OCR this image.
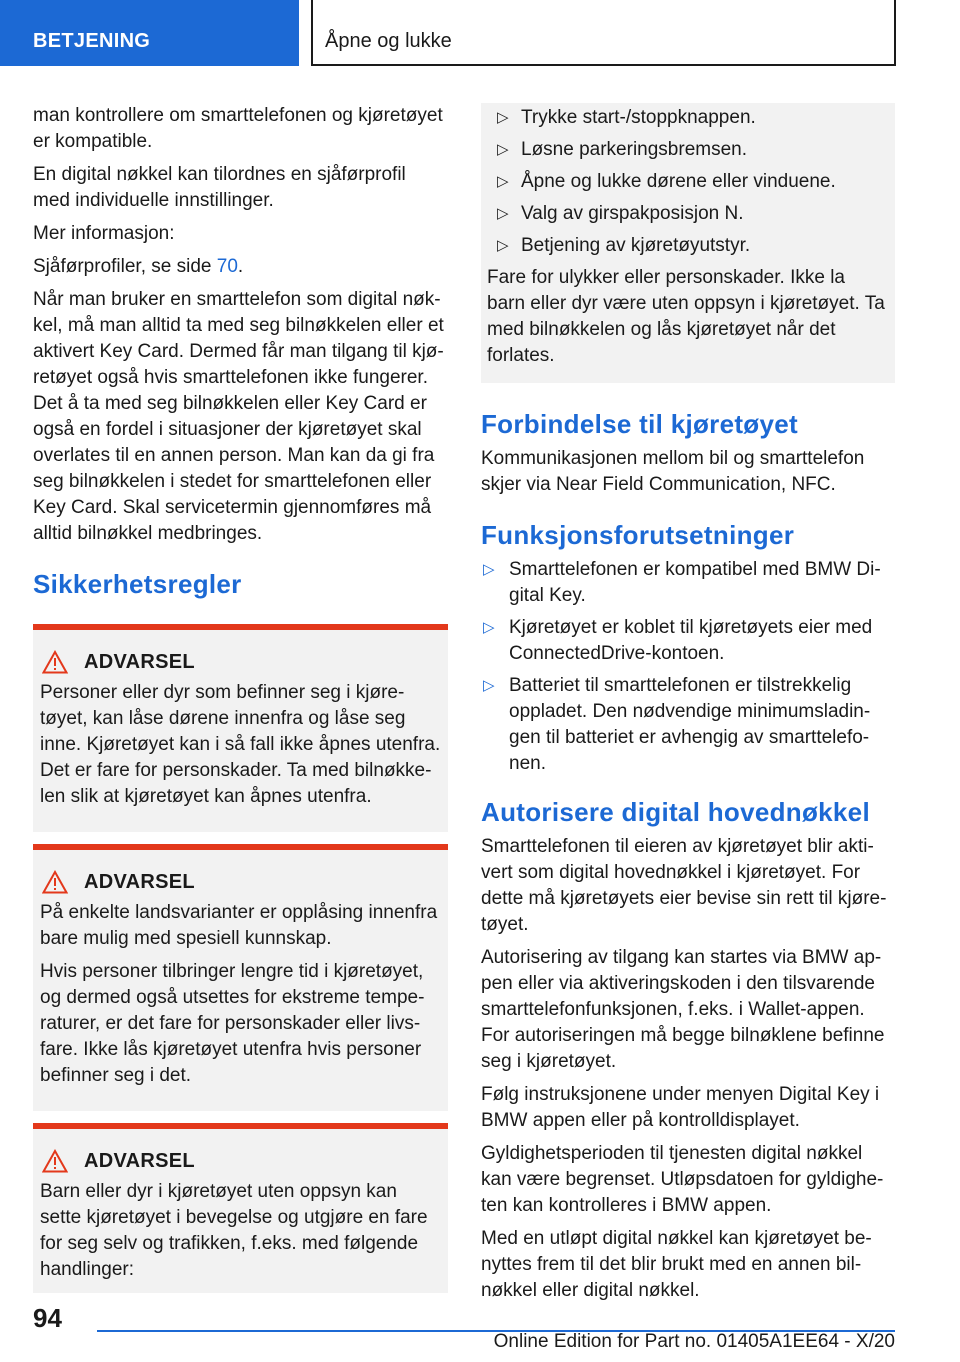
BETJENING	Åpne og lukke

man kontrollere om smarttelefonen og kjøretøyet er kompatible.

En digital nøkkel kan tilordnes en sjåførprofil med individuelle innstillinger.

Mer informasjon:

Sjåførprofiler, se side 70.

Når man bruker en smarttelefon som digital nøk-kel, må man alltid ta med seg bilnøkkelen eller et aktivert Key Card. Dermed får man tilgang til kjø-retøyet også hvis smarttelefonen ikke fungerer. Det å ta med seg bilnøkkelen eller Key Card er også en fordel i situasjoner der kjøretøyet skal overlates til en annen person. Man kan da gi fra seg bilnøkkelen i stedet for smarttelefonen eller Key Card. Skal servicetermin gjennomføres må alltid bilnøkkel medbringes.

Sikkerhetsregler
ADVARSEL

Personer eller dyr som befinner seg i kjøre-tøyet, kan låse dørene innenfra og låse seg inne. Kjøretøyet kan i så fall ikke åpnes utenfra. Det er fare for personskader. Ta med bilnøkke-len slik at kjøretøyet kan åpnes utenfra.

ADVARSEL

På enkelte landsvarianter er opplåsing innenfra bare mulig med spesiell kunnskap.

Hvis personer tilbringer lengre tid i kjøretøyet, og dermed også utsettes for ekstreme tempe-raturer, er det fare for personskader eller livs-fare. Ikke lås kjøretøyet utenfra hvis personer befinner seg i det.

ADVARSEL

Barn eller dyr i kjøretøyet uten oppsyn kan sette kjøretøyet i bevegelse og utgjøre en fare for seg selv og trafikken, f.eks. med følgende handlinger:

▷ Trykke start-/stoppknappen.
▷ Løsne parkeringsbremsen.
▷ Åpne og lukke dørene eller vinduene.
▷ Valg av girspakposisjon N.
▷ Betjening av kjøretøyutstyr.

Fare for ulykker eller personskader. Ikke la barn eller dyr være uten oppsyn i kjøretøyet. Ta med bilnøkkelen og lås kjøretøyet når det forlates.

Forbindelse til kjøretøyet

Kommunikasjonen mellom bil og smarttelefon skjer via Near Field Communication, NFC.

Funksjonsforutsetninger
▷ Smarttelefonen er kompatibel med BMW Di-gital Key.
▷ Kjøretøyet er koblet til kjøretøyets eier med ConnectedDrive-kontoen.
▷ Batteriet til smarttelefonen er tilstrekkelig oppladet. Den nødvendige minimumsladin-gen til batteriet er avhengig av smarttelefo-nen.
Autorisere digital hovednøkkel

Smarttelefonen til eieren av kjøretøyet blir akti-vert som digital hovednøkkel i kjøretøyet. For dette må kjøretøyets eier bevise sin rett til kjøre-tøyet.

Autorisering av tilgang kan startes via BMW ap-pen eller via aktiveringskoden i den tilsvarende smarttelefonfunksjonen, f.eks. i Wallet-appen. For autoriseringen må begge bilnøklene befinne seg i kjøretøyet.

Følg instruksjonene under menyen Digital Key i BMW appen eller på kontrolldisplayet.

Gyldighetsperioden til tjenesten digital nøkkel kan være begrenset. Utløpsdatoen for gyldighe-ten kan kontrolleres i BMW appen.

Med en utløpt digital nøkkel kan kjøretøyet be-nyttes frem til det blir brukt med en annen bil-nøkkel eller digital nøkkel.

94
Online Edition for Part no. 01405A1EE64 - X/20
